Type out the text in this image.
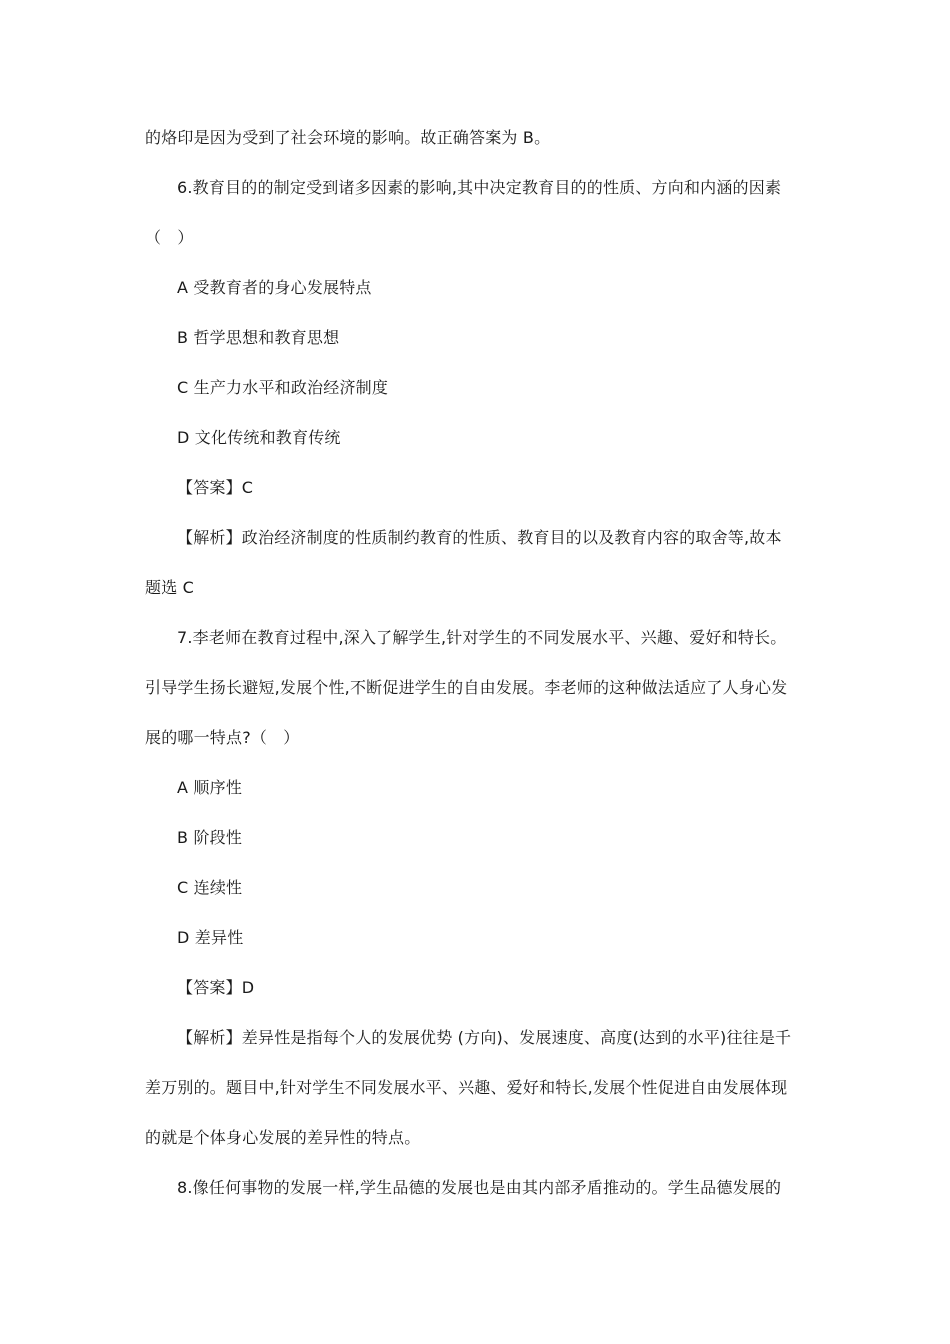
的烙印是因为受到了社会环境的影响。故正确答案为 B。
6.教育目的的制定受到诸多因素的影响,其中决定教育目的的性质、方向和内涵的因素
（　）
A 受教育者的身心发展特点
B 哲学思想和教育思想
C 生产力水平和政治经济制度
D 文化传统和教育传统
【答案】C
【解析】政治经济制度的性质制约教育的性质、教育目的以及教育内容的取舍等,故本
题选 C
7.李老师在教育过程中,深入了解学生,针对学生的不同发展水平、兴趣、爱好和特长。
引导学生扬长避短,发展个性,不断促进学生的自由发展。李老师的这种做法适应了人身心发
展的哪一特点?（　）
A 顺序性
B 阶段性
C 连续性
D 差异性
【答案】D
【解析】差异性是指每个人的发展优势 (方向)、发展速度、高度(达到的水平)往往是千
差万别的。题目中,针对学生不同发展水平、兴趣、爱好和特长,发展个性促进自由发展体现
的就是个体身心发展的差异性的特点。
8.像任何事物的发展一样,学生品德的发展也是由其内部矛盾推动的。学生品德发展的
